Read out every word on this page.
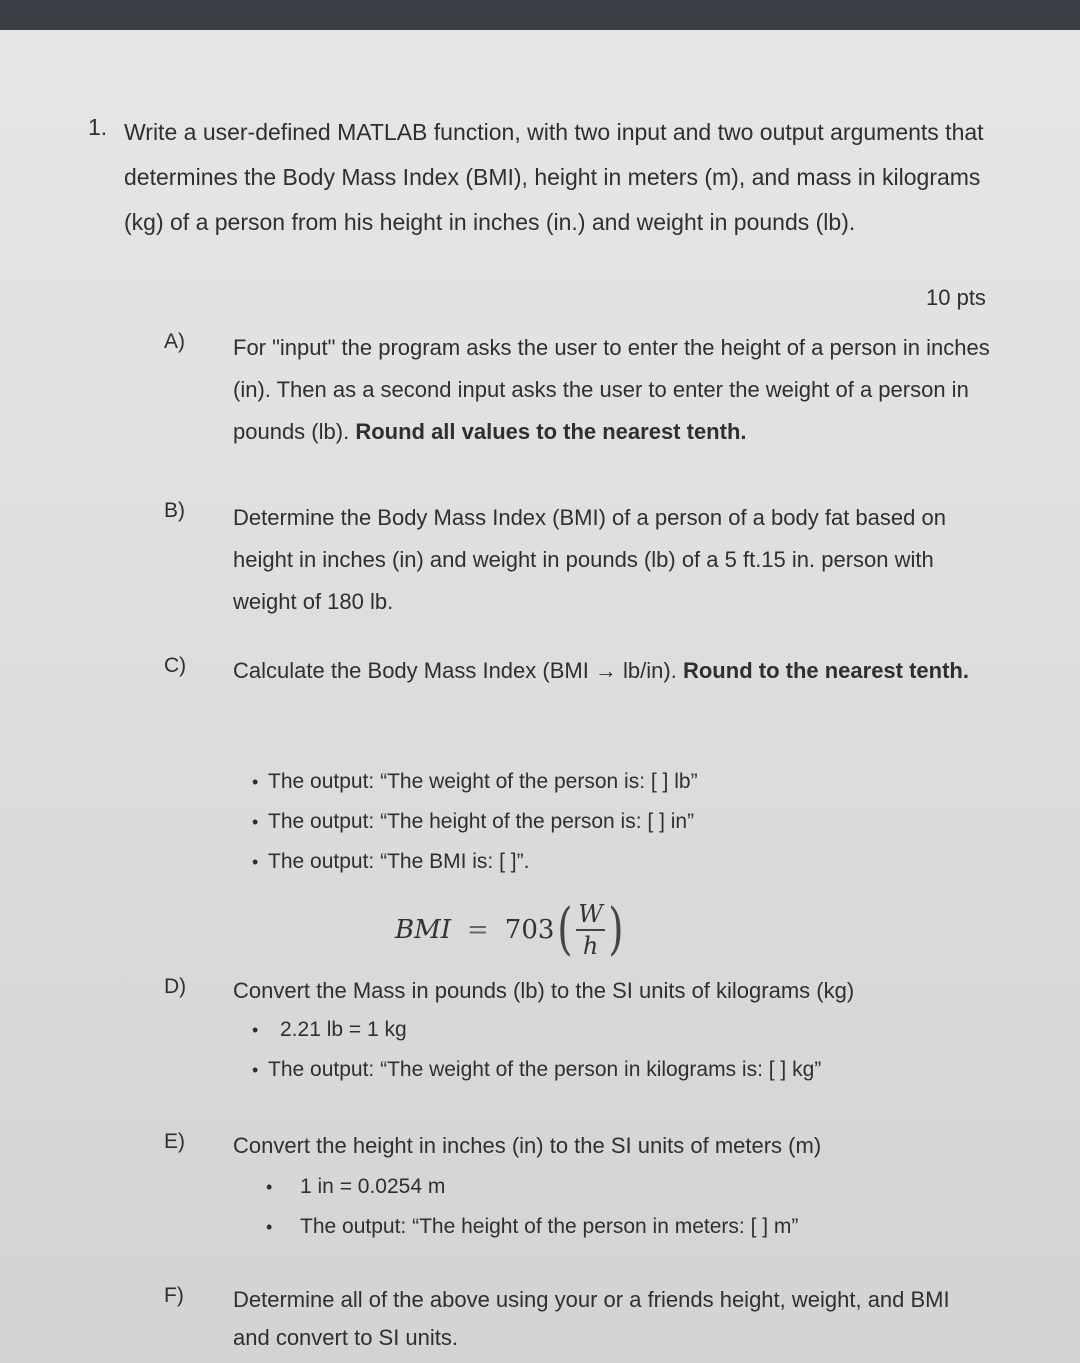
1. Write a user-defined MATLAB function, with two input and two output arguments that determines the Body Mass Index (BMI), height in meters (m), and mass in kilograms (kg) of a person from his height in inches (in.) and weight in pounds (lb).
10 pts
A) For "input" the program asks the user to enter the height of a person in inches (in). Then as a second input asks the user to enter the weight of a person in pounds (lb). Round all values to the nearest tenth.
B) Determine the Body Mass Index (BMI) of a person of a body fat based on height in inches (in) and weight in pounds (lb) of a 5 ft.15 in. person with weight of 180 lb.
C) Calculate the Body Mass Index (BMI → lb/in). Round to the nearest tenth.
• The output: “The weight of the person is: [ ] lb”
• The output: “The height of the person is: [ ] in”
• The output: “The BMI is: [ ]”.
BMI = 703 ( $\frac{W}{h}$ )
D) Convert the Mass in pounds (lb) to the SI units of kilograms (kg)
• 2.21 lb = 1 kg
• The output: “The weight of the person in kilograms is: [ ] kg”
E) Convert the height in inches (in) to the SI units of meters (m)
• 1 in = 0.0254 m
• The output: “The height of the person in meters: [ ] m”
F) Determine all of the above using your or a friends height, weight, and BMI and convert to SI units.
